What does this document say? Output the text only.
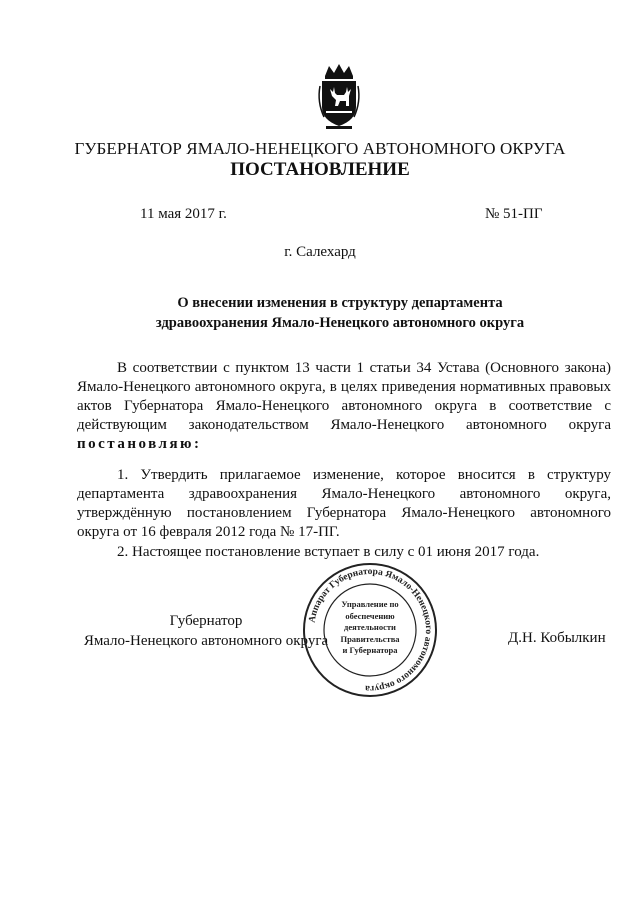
ГУБЕРНАТОР ЯМАЛО-НЕНЕЦКОГО АВТОНОМНОГО ОКРУГА
ПОСТАНОВЛЕНИЕ
11 мая 2017 г.	№ 51-ПГ
г. Салехард
О внесении изменения в структуру департамента
здравоохранения Ямало-Ненецкого автономного округа
В соответствии с пунктом 13 части 1 статьи 34 Устава (Основного закона) Ямало-Ненецкого автономного округа, в целях приведения нормативных правовых актов Губернатора Ямало-Ненецкого автономного округа в соответствие с действующим законодательством Ямало-Ненецкого автономного округа постановляю:
1. Утвердить прилагаемое изменение, которое вносится в структуру департамента здравоохранения Ямало-Ненецкого автономного округа, утверждённую постановлением Губернатора Ямало-Ненецкого автономного округа от 16 февраля 2012 года № 17-ПГ.
2. Настоящее постановление вступает в силу с 01 июня 2017 года.
Губернатор
Ямало-Ненецкого автономного округа
Аппарат Губернатора Ямало-Ненецкого автономного округа
Управление по
обеспечению
деятельности
Правительства
и Губернатора
Д.Н. Кобылкин
